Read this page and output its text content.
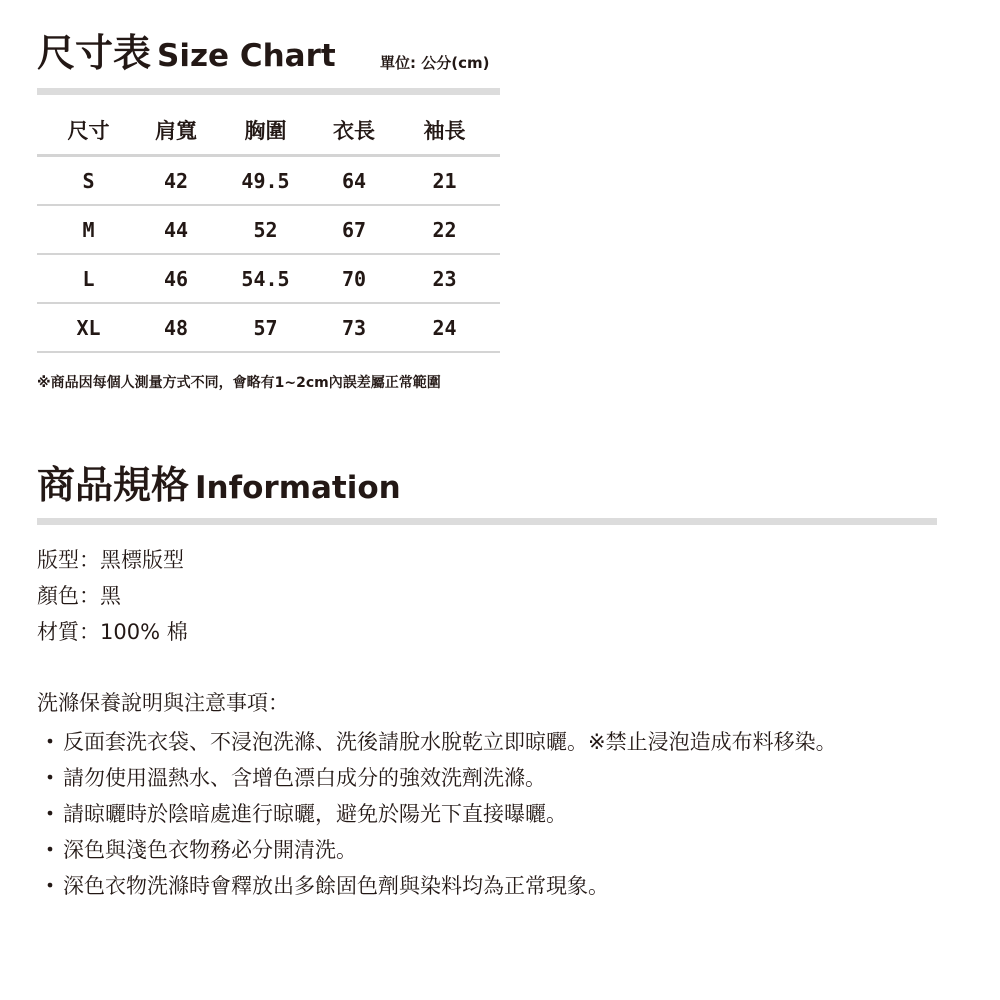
尺寸表 Size Chart	單位: 公分(cm)
尺寸	肩寬	胸圍	衣長	袖長
S	42	49.5	64	21
M	44	52	67	22
L	46	54.5	70	23
XL	48	57	73	24
※商品因每個人測量方式不同，會略有1~2cm內誤差屬正常範圍
商品規格 Information
版型：黑標版型
顏色：黑
材質：100% 棉
洗滌保養說明與注意事項：
・ 反面套洗衣袋、不浸泡洗滌、洗後請脫水脫乾立即晾曬。※禁止浸泡造成布料移染。
・ 請勿使用溫熱水、含增色漂白成分的強效洗劑洗滌。
・ 請晾曬時於陰暗處進行晾曬，避免於陽光下直接曝曬。
・ 深色與淺色衣物務必分開清洗。
・ 深色衣物洗滌時會釋放出多餘固色劑與染料均為正常現象。
